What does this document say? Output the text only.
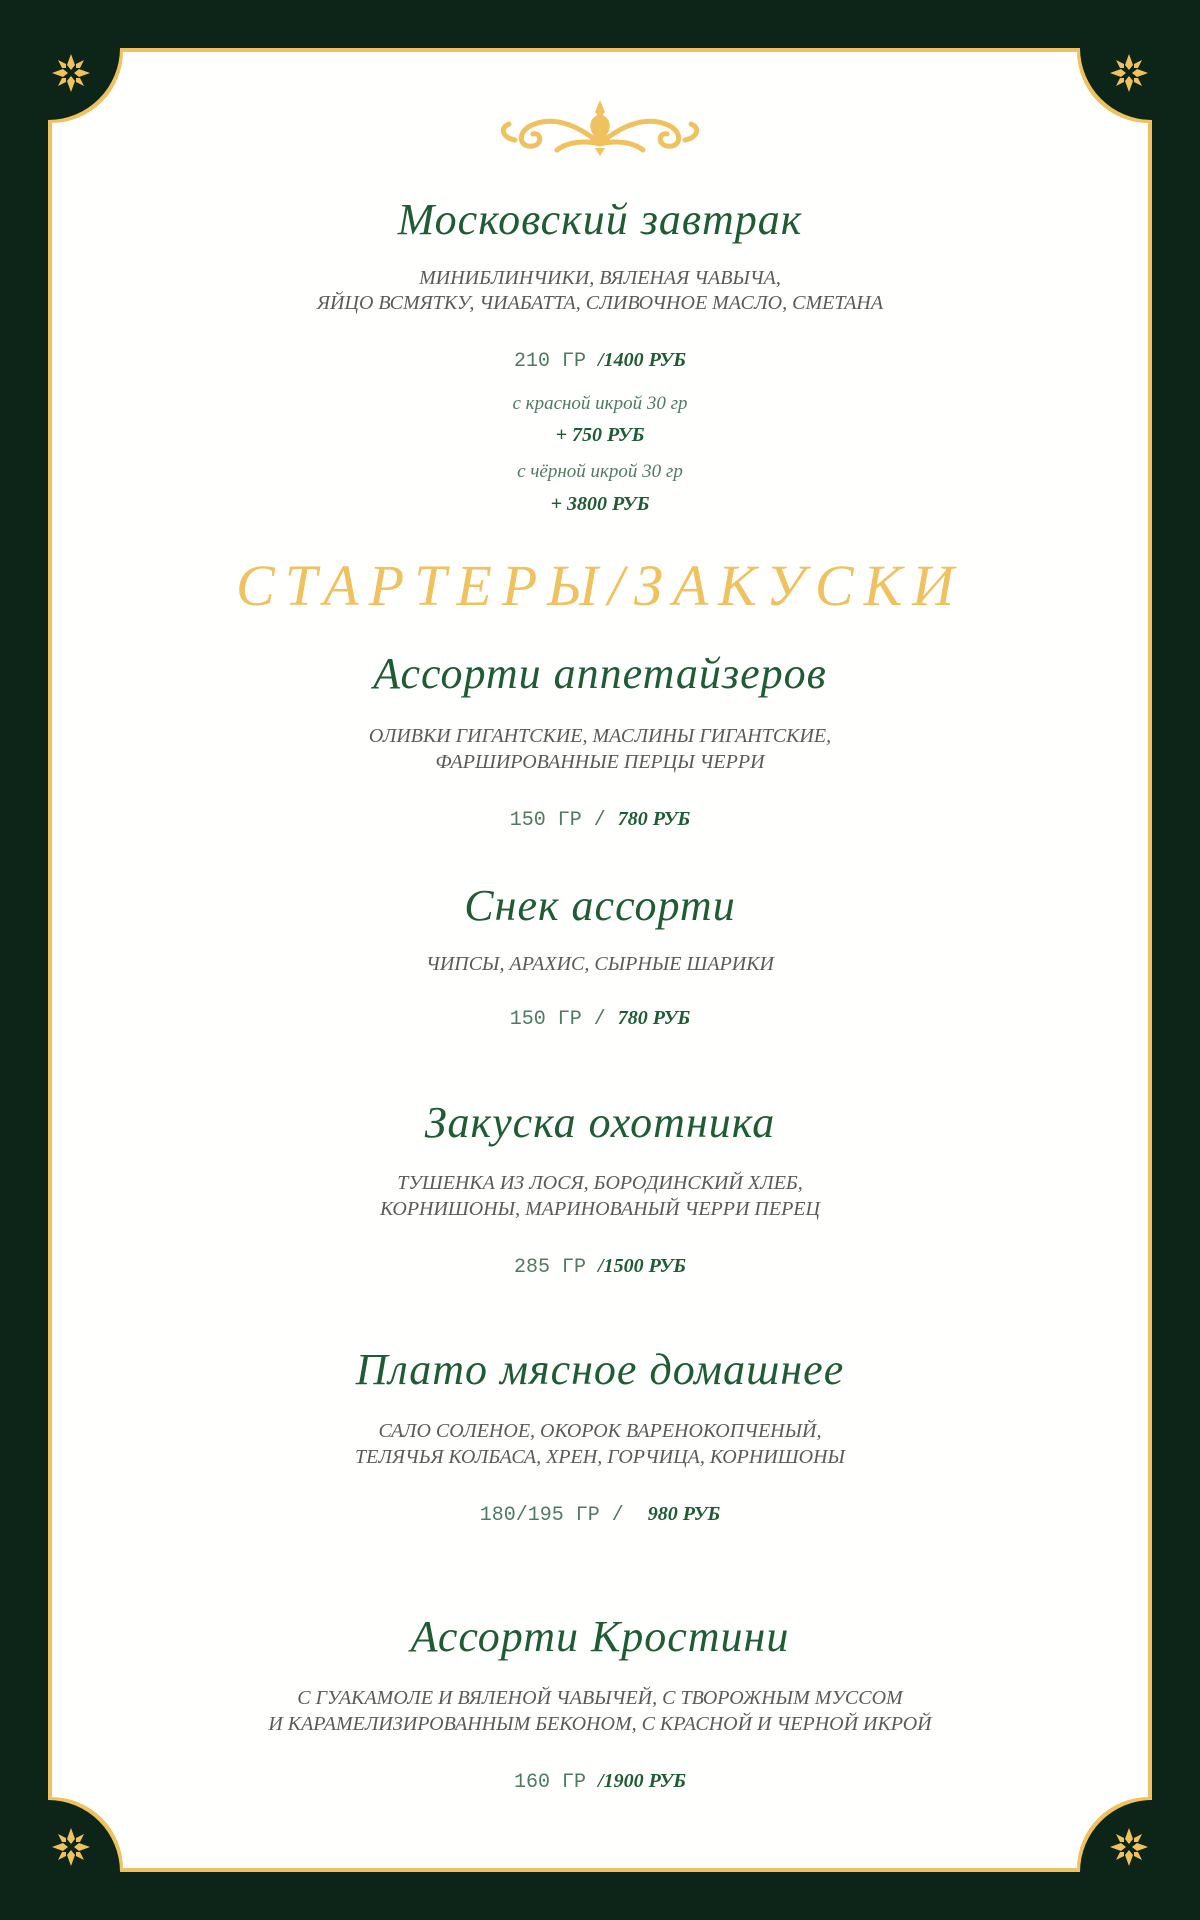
Московский завтрак
МИНИБЛИНЧИКИ, ВЯЛЕНАЯ ЧАВЫЧА,
ЯЙЦО ВСМЯТКУ, ЧИАБАТТА, СЛИВОЧНОЕ МАСЛО, СМЕТАНА
210 ГР /1400 РУБ
с красной икрой 30 гр
+ 750 РУБ
с чёрной икрой 30 гр
+ 3800 РУБ
СТАРТЕРЫ/ЗАКУСКИ
Ассорти аппетайзеров
ОЛИВКИ ГИГАНТСКИЕ, МАСЛИНЫ ГИГАНТСКИЕ,
ФАРШИРОВАННЫЕ ПЕРЦЫ ЧЕРРИ
150 ГР / 780 РУБ
Снек ассорти
ЧИПСЫ, АРАХИС, СЫРНЫЕ ШАРИКИ
150 ГР / 780 РУБ
Закуска охотника
ТУШЕНКА ИЗ ЛОСЯ, БОРОДИНСКИЙ ХЛЕБ,
КОРНИШОНЫ, МАРИНОВАНЫЙ ЧЕРРИ ПЕРЕЦ
285 ГР /1500 РУБ
Плато мясное домашнее
САЛО СОЛЕНОЕ, ОКОРОК ВАРЕНОКОПЧЕНЫЙ,
ТЕЛЯЧЬЯ КОЛБАСА, ХРЕН, ГОРЧИЦА, КОРНИШОНЫ
180/195 ГР /  980 РУБ
Ассорти Кростини
С ГУАКАМОЛЕ И ВЯЛЕНОЙ ЧАВЫЧЕЙ, С ТВОРОЖНЫМ МУССОМ
И КАРАМЕЛИЗИРОВАННЫМ БЕКОНОМ, С КРАСНОЙ И ЧЕРНОЙ ИКРОЙ
160 ГР /1900 РУБ
